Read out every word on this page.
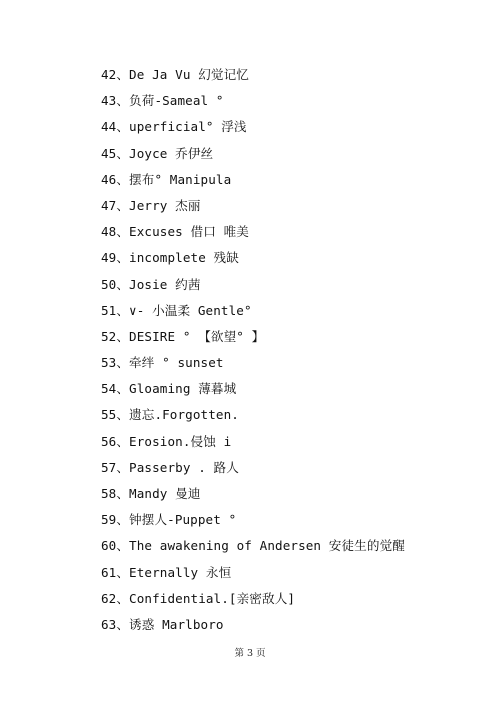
42、De Ja Vu 幻觉记忆
43、负荷-Sameal °
44、uperficial° 浮浅
45、Joyce 乔伊丝
46、摆布° Manipula
47、Jerry 杰丽
48、Excuses 借口 唯美
49、incomplete 残缺
50、Josie 约茜
51、∨- 小温柔 Gentle°
52、DESIRE ° 【欲望° 】
53、牵绊 ° sunset
54、Gloaming 薄暮城
55、遗忘.Forgotten.
56、Erosion.侵蚀 i
57、Passerby . 路人
58、Mandy 曼迪
59、钟摆人-Puppet °
60、The awakening of Andersen 安徒生的觉醒
61、Eternally 永恒
62、Confidential.[亲密敌人]
63、诱惑 Marlboro
第 3 页
